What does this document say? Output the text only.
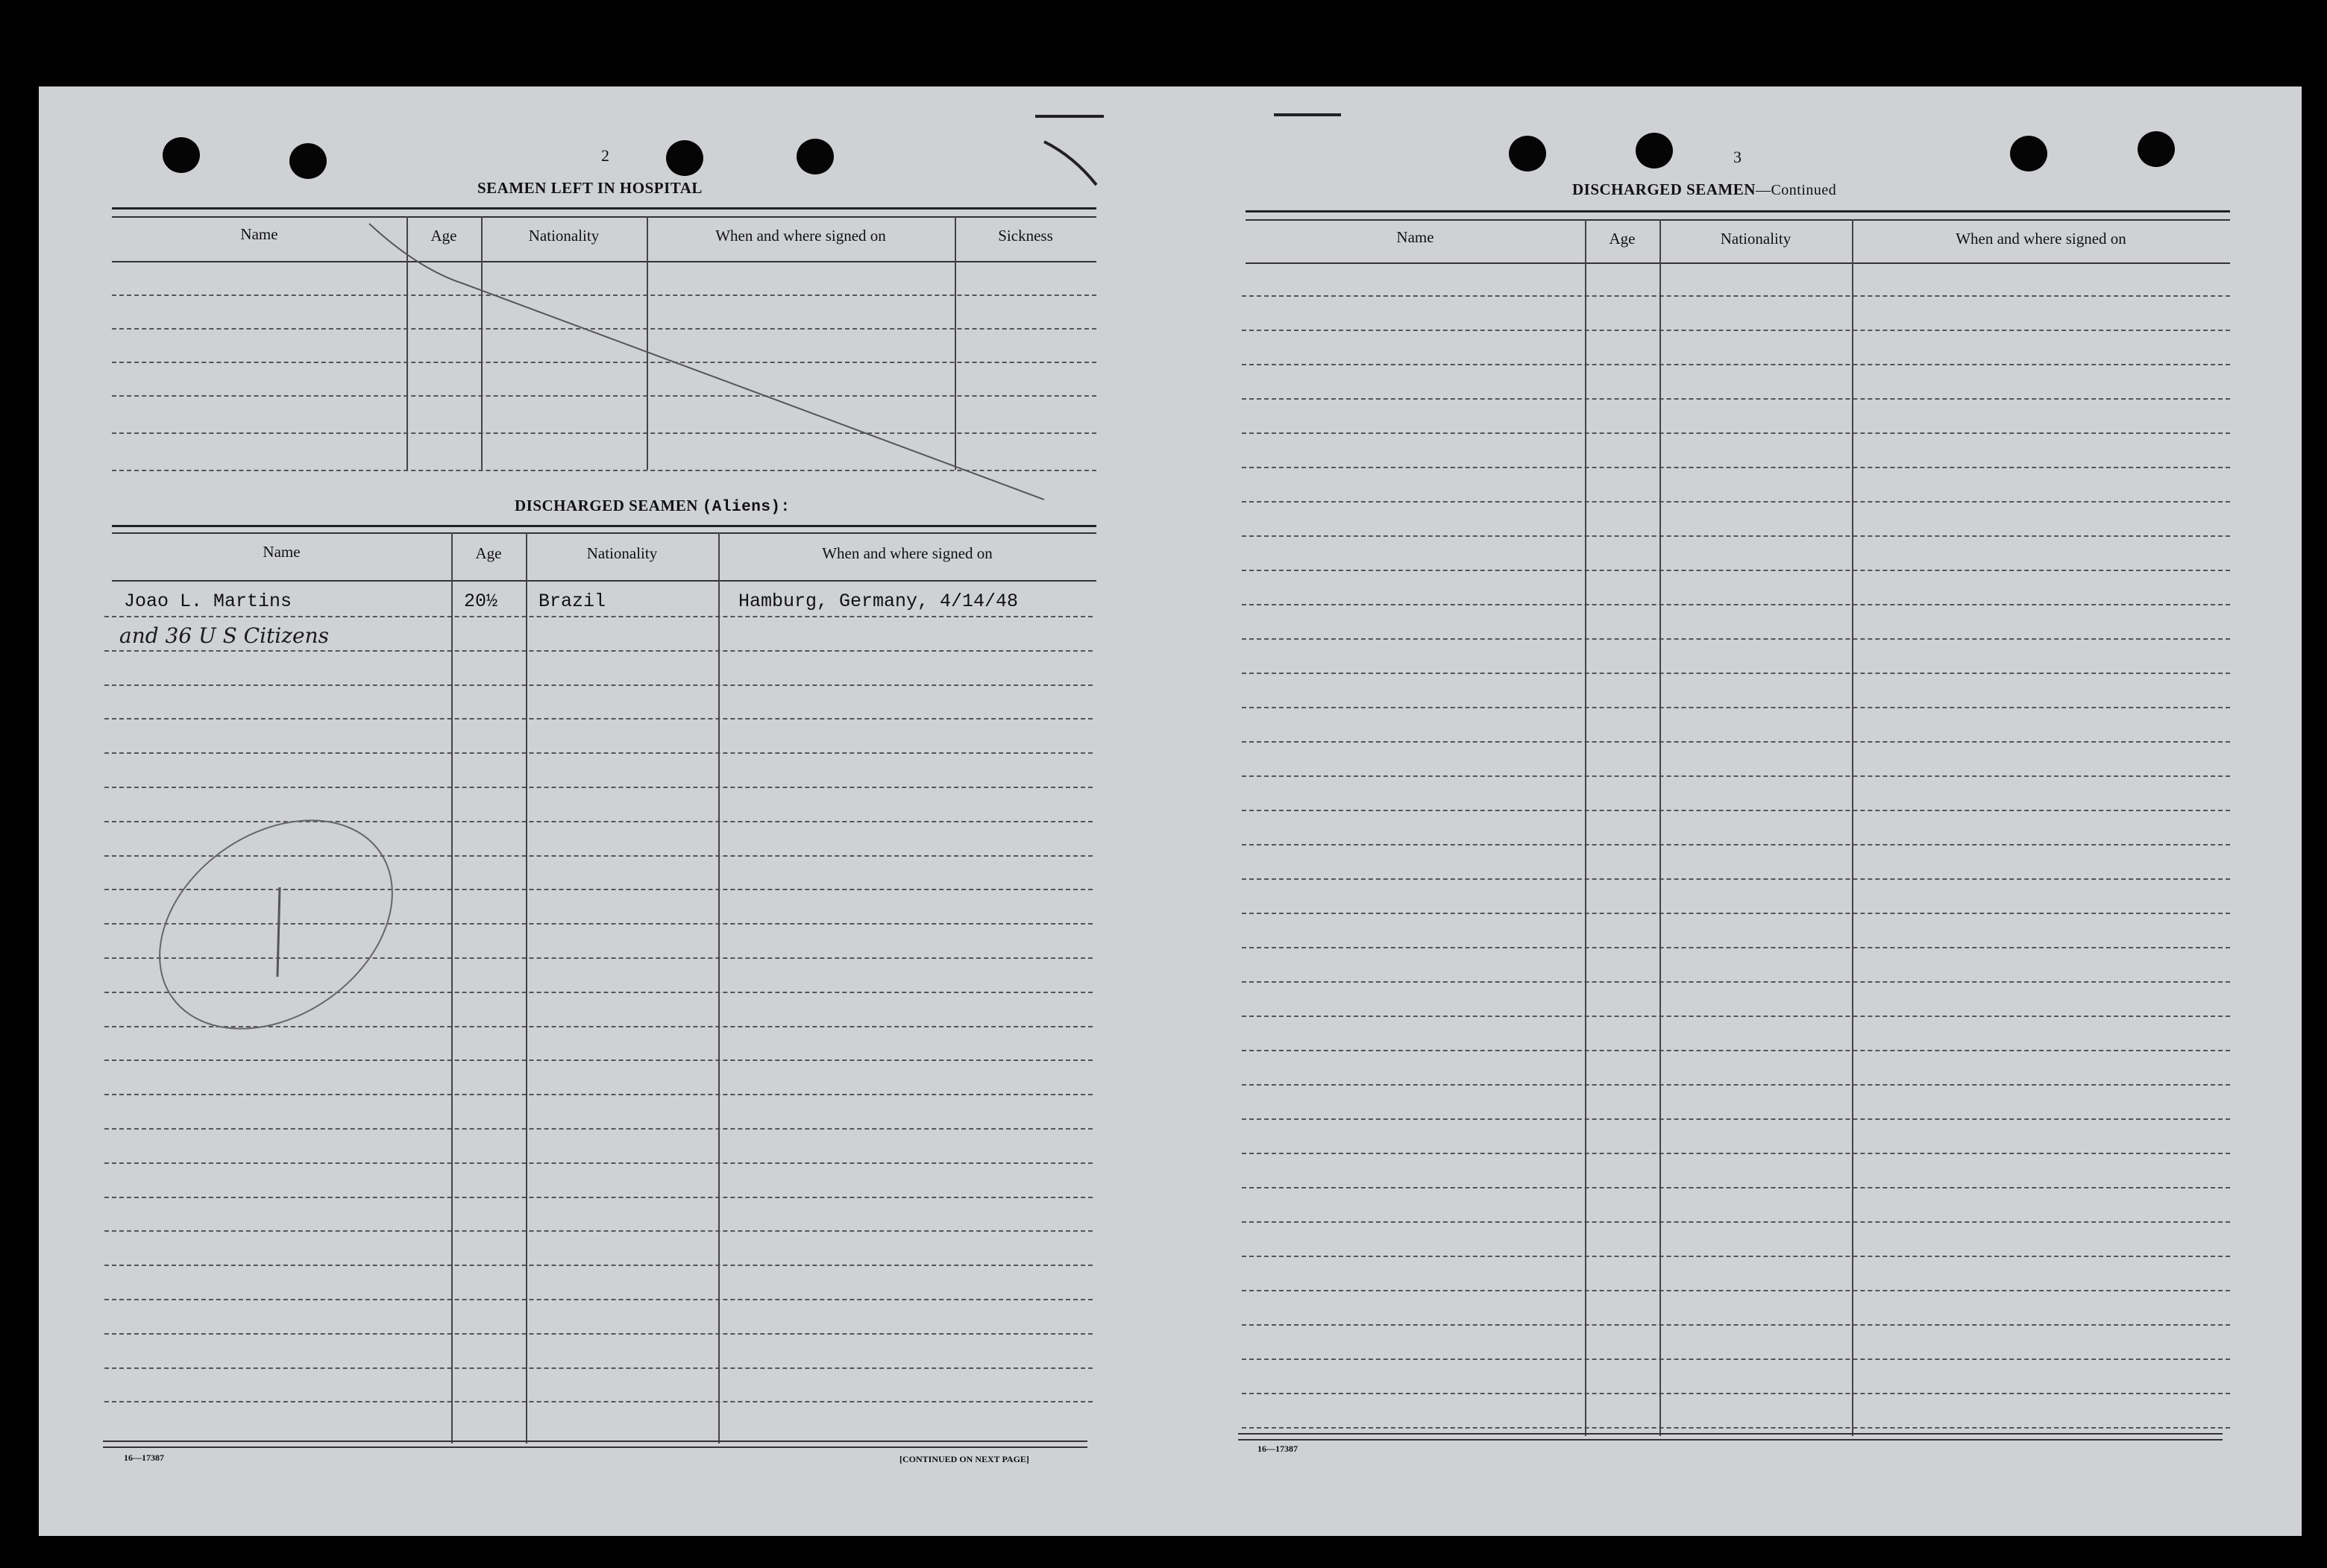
2
SEAMEN LEFT IN HOSPITAL
Name	Age	Nationality	When and where signed on	Sickness
DISCHARGED SEAMEN (Aliens):
Name	Age	Nationality	When and where signed on
Joao L. Martins	20½ Brazil	Hamburg, Germany, 4/14/48
and 36 U S Citizens
16—17387	[CONTINUED ON NEXT PAGE]
3
DISCHARGED SEAMEN—Continued
Name	Age	Nationality	When and where signed on
16—17387
